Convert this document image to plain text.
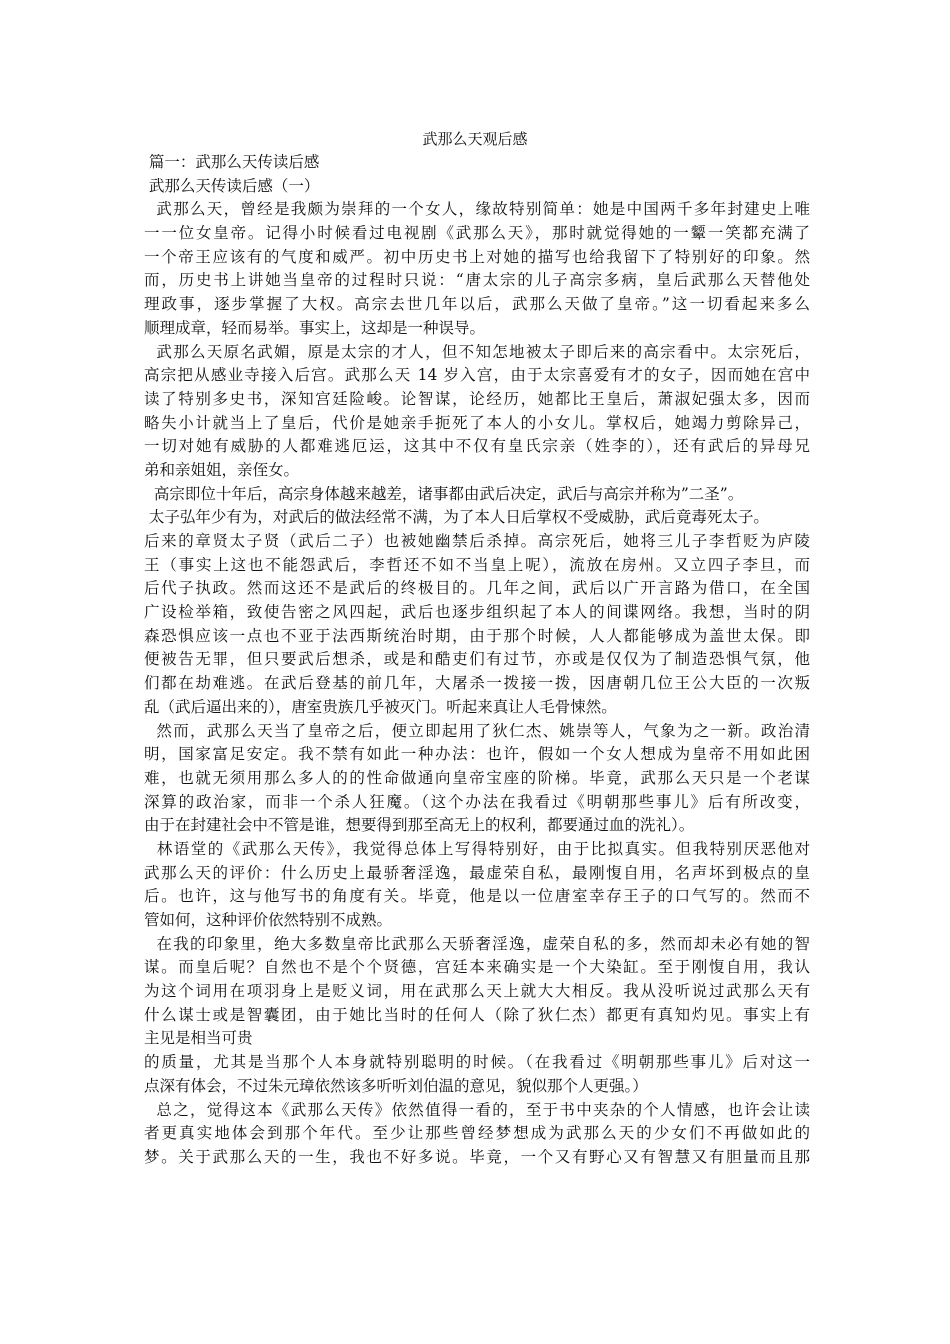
武那么天观后感
篇一：武那么天传读后感
武那么天传读后感（一）
武那么天，曾经是我颇为崇拜的一个女人，缘故特别简单：她是中国两千多年封建史上唯
一一位女皇帝。记得小时候看过电视剧《武那么天》，那时就觉得她的一颦一笑都充满了
一个帝王应该有的气度和威严。初中历史书上对她的描写也给我留下了特别好的印象。然
而，历史书上讲她当皇帝的过程时只说：“唐太宗的儿子高宗多病，皇后武那么天替他处
理政事，逐步掌握了大权。高宗去世几年以后，武那么天做了皇帝。”这一切看起来多么
顺理成章，轻而易举。事实上，这却是一种误导。
武那么天原名武媚，原是太宗的才人，但不知怎地被太子即后来的高宗看中。太宗死后，
高宗把从感业寺接入后宫。武那么天 14 岁入宫，由于太宗喜爱有才的女子，因而她在宫中
读了特别多史书，深知宫廷险峻。论智谋，论经历，她都比王皇后，萧淑妃强太多，因而
略失小计就当上了皇后，代价是她亲手扼死了本人的小女儿。掌权后，她竭力剪除异己，
一切对她有威胁的人都难逃厄运，这其中不仅有皇氏宗亲（姓李的），还有武后的异母兄
弟和亲姐姐，亲侄女。
高宗即位十年后，高宗身体越来越差，诸事都由武后决定，武后与高宗并称为”二圣”。
太子弘年少有为，对武后的做法经常不满，为了本人日后掌权不受威胁，武后竟毒死太子。
后来的章贤太子贤（武后二子）也被她幽禁后杀掉。高宗死后，她将三儿子李哲贬为庐陵
王（事实上这也不能怨武后，李哲还不如不当皇上呢），流放在房州。又立四子李旦，而
后代子执政。然而这还不是武后的终极目的。几年之间，武后以广开言路为借口，在全国
广设检举箱，致使告密之风四起，武后也逐步组织起了本人的间谍网络。我想，当时的阴
森恐惧应该一点也不亚于法西斯统治时期，由于那个时候，人人都能够成为盖世太保。即
便被告无罪，但只要武后想杀，或是和酷吏们有过节，亦或是仅仅为了制造恐惧气氛，他
们都在劫难逃。在武后登基的前几年，大屠杀一拨接一拨，因唐朝几位王公大臣的一次叛
乱（武后逼出来的），唐室贵族几乎被灭门。听起来真让人毛骨悚然。
然而，武那么天当了皇帝之后，便立即起用了狄仁杰、姚崇等人，气象为之一新。政治清
明，国家富足安定。我不禁有如此一种办法：也许，假如一个女人想成为皇帝不用如此困
难，也就无须用那么多人的的性命做通向皇帝宝座的阶梯。毕竟，武那么天只是一个老谋
深算的政治家，而非一个杀人狂魔。（这个办法在我看过《明朝那些事儿》后有所改变，
由于在封建社会中不管是谁，想要得到那至高无上的权利，都要通过血的洗礼）。
林语堂的《武那么天传》，我觉得总体上写得特别好，由于比拟真实。但我特别厌恶他对
武那么天的评价：什么历史上最骄奢淫逸，最虚荣自私，最刚愎自用，名声坏到极点的皇
后。也许，这与他写书的角度有关。毕竟，他是以一位唐室幸存王子的口气写的。然而不
管如何，这种评价依然特别不成熟。
在我的印象里，绝大多数皇帝比武那么天骄奢淫逸，虚荣自私的多，然而却未必有她的智
谋。而皇后呢？自然也不是个个贤德，宫廷本来确实是一个大染缸。至于刚愎自用，我认
为这个词用在项羽身上是贬义词，用在武那么天上就大大相反。我从没听说过武那么天有
什么谋士或是智囊团，由于她比当时的任何人（除了狄仁杰）都更有真知灼见。事实上有
主见是相当可贵
的质量，尤其是当那个人本身就特别聪明的时候。（在我看过《明朝那些事儿》后对这一
点深有体会，不过朱元璋依然该多听听刘伯温的意见，貌似那个人更强。）
总之，觉得这本《武那么天传》依然值得一看的，至于书中夹杂的个人情感，也许会让读
者更真实地体会到那个年代。至少让那些曾经梦想成为武那么天的少女们不再做如此的
梦。关于武那么天的一生，我也不好多说。毕竟，一个又有野心又有智慧又有胆量而且那
